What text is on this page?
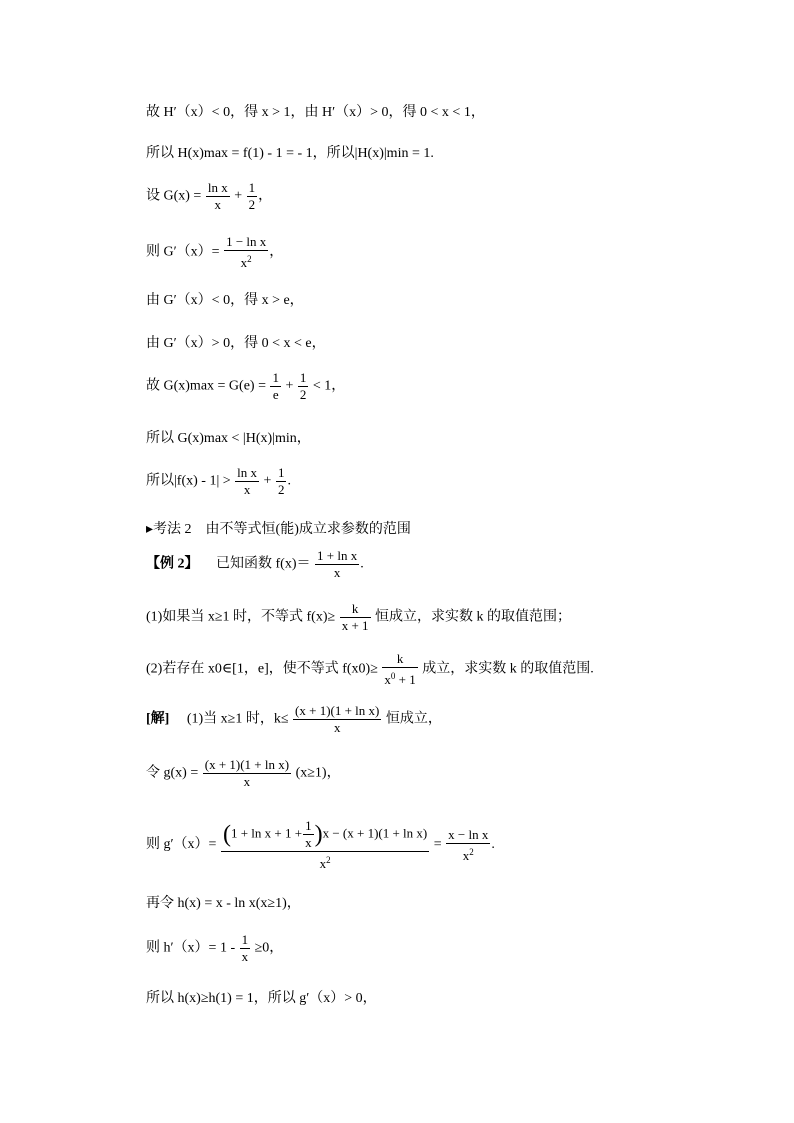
故 H′（x）< 0，得 x > 1，由 H′（x）> 0，得 0 < x < 1，
所以 H(x)max = f(1) - 1 = - 1，所以|H(x)|min = 1.
设 $G(x) = \frac{\text{ln x}}{x} + \frac{1}{2}$ ，
则 $G'(x)= \frac{\text{1 − ln x}}{x^2}$ ，
由 G′（x）< 0，得 x > e，
由 G′（x）> 0，得 0 < x < e，
故 $G(x)\max = G(e) = \frac{1}{e} + \frac{1}{2} < 1$，
所以 G(x)max < |H(x)|min，
所以$|f(x) - 1| > \frac{\text{ln x}}{x} + \frac{1}{2}$ .
▸考法 2　由不等式恒(能)成立求参数的范围
【例 2】 　 已知函数 $f(x)= \frac{\text{1 + ln x}}{x}$ .
(1)如果当 x≥1 时，不等式 $f(x)\ge \frac{k}{x + 1}$ 恒成立，求实数 k 的取值范围；
(2)若存在 x0∈[1，e]，使不等式 $f(x0)\ge \frac{k}{x^0 + 1}$ 成立，求实数 k 的取值范围.
[解] 　 (1)当 x≥1 时，$k\le \frac{\text{(x + 1)(1 + ln x)}}{x}$ 恒成立，
令 $g(x) = \frac{\text{(x + 1)(1 + ln x)}}{x} (x\ge 1)$，
则 $g'(x)= \frac{(1 + \ln x + 1 + \frac{1}{x} )x - (x + 1)(1 + \ln x)}{x^2} = \frac{\text{x − ln x}}{x^2}$ .
再令 h(x) = x - ln x(x≥1)，
则 $h'(x)= 1 - \frac{1}{x} \ge 0$，
所以 h(x)≥h(1) = 1，所以 g′（x）> 0，
